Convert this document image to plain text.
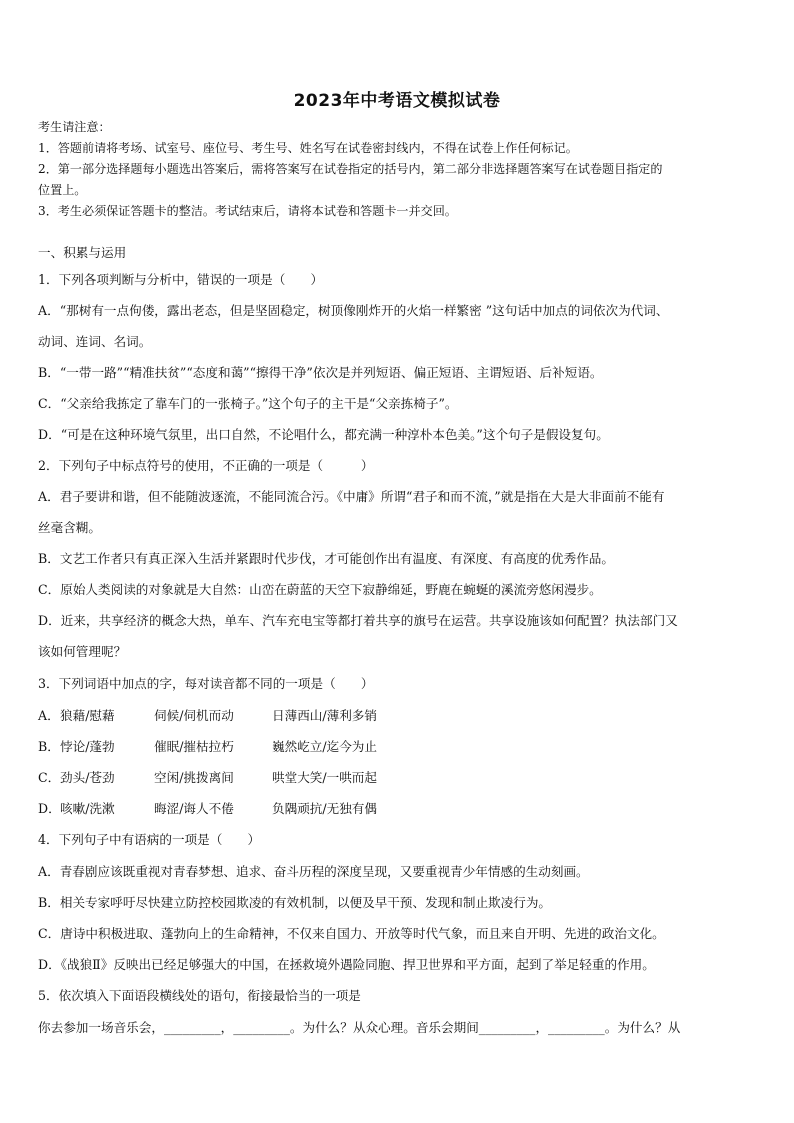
2023年中考语文模拟试卷
考生请注意：
1．答题前请将考场、试室号、座位号、考生号、姓名写在试卷密封线内，不得在试卷上作任何标记。
2．第一部分选择题每小题选出答案后，需将答案写在试卷指定的括号内，第二部分非选择题答案写在试卷题目指定的
位置上。
3．考生必须保证答题卡的整洁。考试结束后，请将本试卷和答题卡一并交回。
一、积累与运用
1．下列各项判断与分析中，错误的一项是（　　）
A．“那树有一点佝偻，露出老态，但是坚固稳定，树顶像刚炸开的火焰一样繁密 ”这句话中加点的词依次为代词、
动词、连词、名词。
B．“一带一路”“精准扶贫”“态度和蔼”“擦得干净”依次是并列短语、偏正短语、主谓短语、后补短语。
C．“父亲给我拣定了靠车门的一张椅子。”这个句子的主干是“父亲拣椅子”。
D．“可是在这种环境气氛里，出口自然，不论唱什么，都充满一种淳朴本色美。”这个句子是假设复句。
2．下列句子中标点符号的使用，不正确的一项是（　　　）
A．君子要讲和谐，但不能随波逐流，不能同流合污。《中庸》所谓“君子和而不流，”就是指在大是大非面前不能有
丝毫含糊。
B．文艺工作者只有真正深入生活并紧跟时代步伐，才可能创作出有温度、有深度、有高度的优秀作品。
C．原始人类阅读的对象就是大自然：山峦在蔚蓝的天空下寂静绵延，野鹿在蜿蜒的溪流旁悠闲漫步。
D．近来，共享经济的概念大热，单车、汽车充电宝等都打着共享的旗号在运营。共享设施该如何配置？执法部门又
该如何管理呢？
3．下列词语中加点的字，每对读音都不同的一项是（　　）
A． 狼藉/慰藉	伺候/伺机而动	日薄西山/薄利多销
B． 悖论/蓬勃	催眠/摧枯拉朽	巍然屹立/迄今为止
C． 劲头/苍劲	空闲/挑拨离间	哄堂大笑/一哄而起
D． 咳嗽/洗漱	晦涩/诲人不倦	负隅顽抗/无独有偶
4．下列句子中有语病的一项是（　　）
A．青春剧应该既重视对青春梦想、追求、奋斗历程的深度呈现，又要重视青少年情感的生动刻画。
B．相关专家呼吁尽快建立防控校园欺凌的有效机制，以便及早干预、发现和制止欺凌行为。
C．唐诗中积极进取、蓬勃向上的生命精神，不仅来自国力、开放等时代气象，而且来自开明、先进的政治文化。
D．《战狼Ⅱ》反映出已经足够强大的中国，在拯救境外遇险同胞、捍卫世界和平方面，起到了举足轻重的作用。
5．依次填入下面语段横线处的语句，衔接最恰当的一项是
你去参加一场音乐会，_________，_________。为什么？从众心理。音乐会期间_________，_________。为什么？从
